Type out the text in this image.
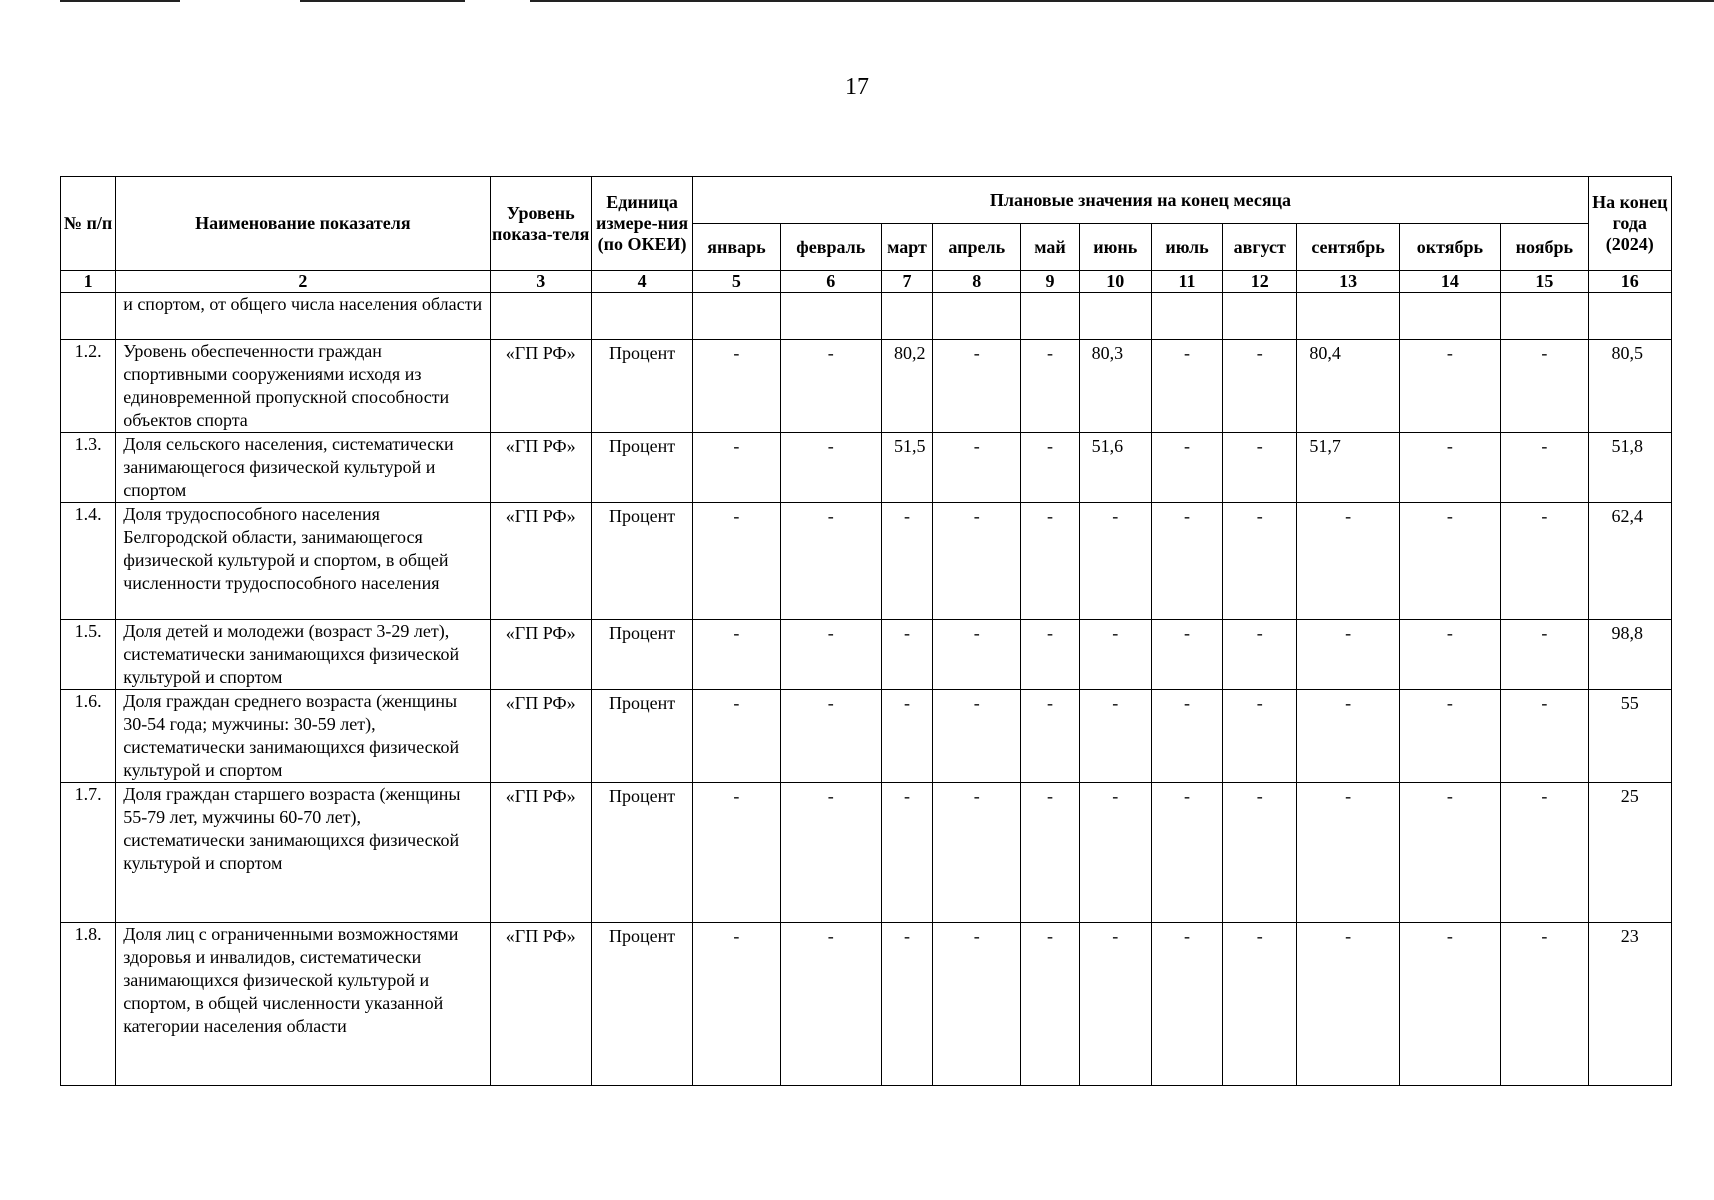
17
№ п/п	Наименование показателя	Уровень показа-теля	Единица измере-ния (по ОКЕИ)	Плановые значения на конец месяца											На конец года (2024)
				январь	февраль	март	апрель	май	июнь	июль	август	сентябрь	октябрь	ноябрь	
1	2	3	4	5	6	7	8	9	10	11	12	13	14	15	16
	и спортом, от общего числа населения области														
1.2.	Уровень обеспеченности граждан спортивными сооружениями исходя из единовременной пропускной способности объектов спорта	«ГП РФ»	Процент	-	-	80,2	-	-	80,3	-	-	80,4	-	-	80,5
1.3.	Доля сельского населения, систематически занимающегося физической культурой и спортом	«ГП РФ»	Процент	-	-	51,5	-	-	51,6	-	-	51,7	-	-	51,8
1.4.	Доля трудоспособного населения Белгородской области, занимающегося физической культурой и спортом, в общей численности трудоспособного населения	«ГП РФ»	Процент	-	-	-	-	-	-	-	-	-	-	-	62,4
1.5.	Доля детей и молодежи (возраст 3-29 лет), систематически занимающихся физической культурой и спортом	«ГП РФ»	Процент	-	-	-	-	-	-	-	-	-	-	-	98,8
1.6.	Доля граждан среднего возраста (женщины 30-54 года; мужчины: 30-59 лет), систематически занимающихся физической культурой и спортом	«ГП РФ»	Процент	-	-	-	-	-	-	-	-	-	-	-	55
1.7.	Доля граждан старшего возраста (женщины 55-79 лет, мужчины 60-70 лет), систематически занимающихся физической культурой и спортом	«ГП РФ»	Процент	-	-	-	-	-	-	-	-	-	-	-	25
1.8.	Доля лиц с ограниченными возможностями здоровья и инвалидов, систематически занимающихся физической культурой и спортом, в общей численности указанной категории населения области	«ГП РФ»	Процент	-	-	-	-	-	-	-	-	-	-	-	23
